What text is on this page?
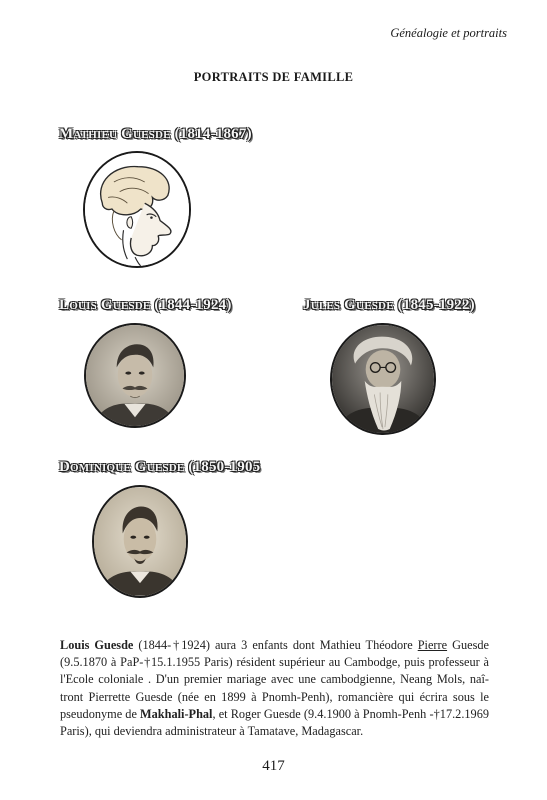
Généalogie et portraits
PORTRAITS DE FAMILLE
Mathieu Guesde (1814-1867)
Louis Guesde (1844-1924)	Jules Guesde (1845-1922)
Dominique Guesde (1850-1905
Louis Guesde (1844-†1924) aura 3 enfants dont Mathieu Théodore Pierre Guesde (9.5.1870 à PaP-†15.1.1955 Paris) résident supérieur au Cambodge, puis professeur à l'Ecole coloniale . D'un premier mariage avec une cambodgienne, Neang Mols, naî-tront Pierrette Guesde (née en 1899 à Pnomh-Penh), romancière qui écrira sous le pseudonyme de Makhali-Phal, et Roger Guesde (9.4.1900 à Pnomh-Penh -†17.2.1969 Paris), qui deviendra administrateur à Tamatave, Madagascar.
417
